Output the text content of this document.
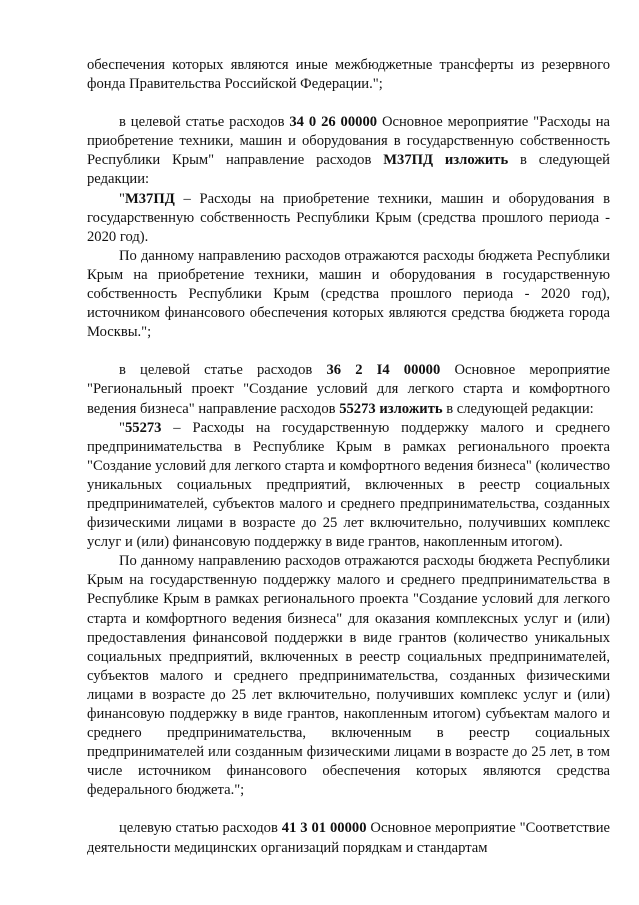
обеспечения которых являются иные межбюджетные трансферты из резервного фонда Правительства Российской Федерации.";

в целевой статье расходов 34 0 26 00000 Основное мероприятие "Расходы на приобретение техники, машин и оборудования в государственную собственность Республики Крым" направление расходов М37ПД изложить в следующей редакции:

"М37ПД – Расходы на приобретение техники, машин и оборудования в государственную собственность Республики Крым (средства прошлого периода - 2020 год).

По данному направлению расходов отражаются расходы бюджета Республики Крым на приобретение техники, машин и оборудования в государственную собственность Республики Крым (средства прошлого периода - 2020 год), источником финансового обеспечения которых являются средства бюджета города Москвы.";

в целевой статье расходов 36 2 I4 00000 Основное мероприятие "Региональный проект "Создание условий для легкого старта и комфортного ведения бизнеса" направление расходов 55273 изложить в следующей редакции:

"55273 – Расходы на государственную поддержку малого и среднего предпринимательства в Республике Крым в рамках регионального проекта "Создание условий для легкого старта и комфортного ведения бизнеса" (количество уникальных социальных предприятий, включенных в реестр социальных предпринимателей, субъектов малого и среднего предпринимательства, созданных физическими лицами в возрасте до 25 лет включительно, получивших комплекс услуг и (или) финансовую поддержку в виде грантов, накопленным итогом).

По данному направлению расходов отражаются расходы бюджета Республики Крым на государственную поддержку малого и среднего предпринимательства в Республике Крым в рамках регионального проекта "Создание условий для легкого старта и комфортного ведения бизнеса" для оказания комплексных услуг и (или) предоставления финансовой поддержки в виде грантов (количество уникальных социальных предприятий, включенных в реестр социальных предпринимателей, субъектов малого и среднего предпринимательства, созданных физическими лицами в возрасте до 25 лет включительно, получивших комплекс услуг и (или) финансовую поддержку в виде грантов, накопленным итогом) субъектам малого и среднего предпринимательства, включенным в реестр социальных предпринимателей или созданным физическими лицами в возрасте до 25 лет, в том числе источником финансового обеспечения которых являются средства федерального бюджета.";

целевую статью расходов 41 3 01 00000 Основное мероприятие "Соответствие деятельности медицинских организаций порядкам и стандартам
